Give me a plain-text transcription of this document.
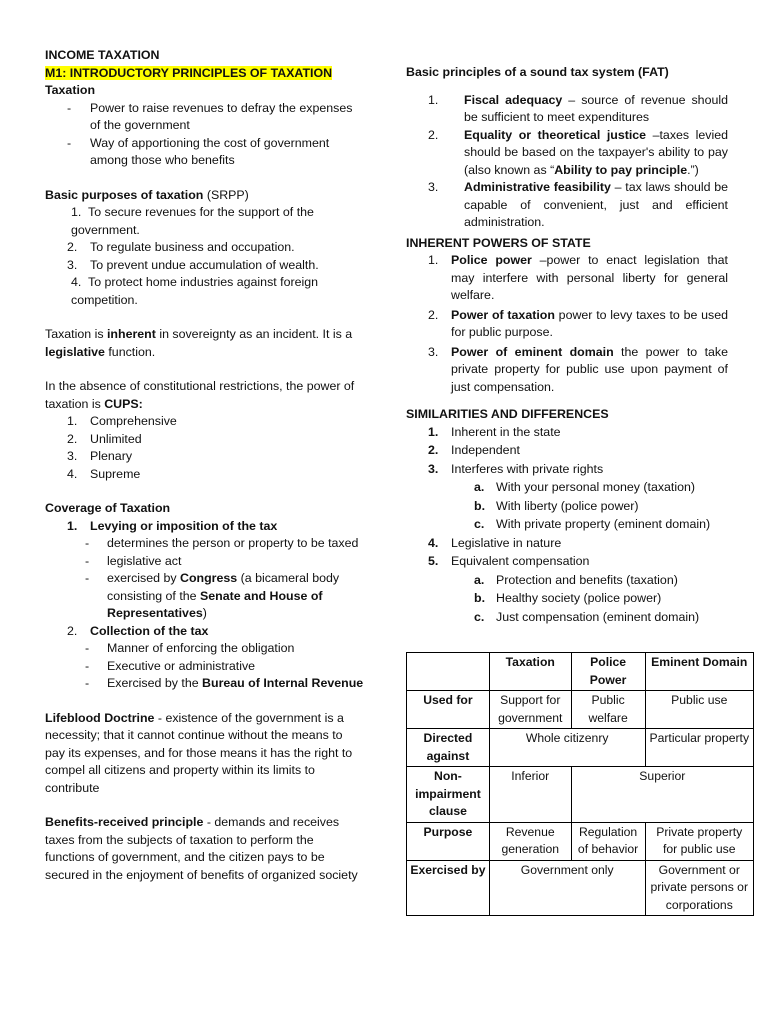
INCOME TAXATION

M1: INTRODUCTORY PRINCIPLES OF TAXATION

Taxation

- Power to raise revenues to defray the expenses of the government
- Way of apportioning the cost of government among those who benefits

Basic purposes of taxation (SRPP)

1.  To secure revenues for the support of the government.

2. To regulate business and occupation.

3. To prevent undue accumulation of wealth.

4.  To protect home industries against foreign competition.

Taxation is inherent in sovereignty as an incident. It is a legislative function.

In the absence of constitutional restrictions, the power of taxation is CUPS:

1. Comprehensive

2. Unlimited

3. Plenary

4. Supreme

Coverage of Taxation

1. Levying or imposition of the tax

- determines the person or property to be taxed
- legislative act
- exercised by Congress (a bicameral body consisting of the Senate and House of Representatives)

2. Collection of the tax

- Manner of enforcing the obligation
- Executive or administrative
- Exercised by the Bureau of Internal Revenue

Lifeblood Doctrine - existence of the government is a necessity; that it cannot continue without the means to pay its expenses, and for those means it has the right to compel all citizens and property within its limits to contribute

Benefits-received principle - demands and receives taxes from the subjects of taxation to perform the functions of government, and the citizen pays to be secured in the enjoyment of benefits of organized society

Basic principles of a sound tax system (FAT)

1. Fiscal adequacy – source of revenue should be sufficient to meet expenditures

2. Equality or theoretical justice –taxes levied should be based on the taxpayer's ability to pay (also known as “Ability to pay principle.”)

3. Administrative feasibility – tax laws should be capable of convenient, just and efficient administration.

INHERENT POWERS OF STATE

1. Police power –power to enact legislation that may interfere with personal liberty for general welfare.

2. Power of taxation power to levy taxes to be used for public purpose.

3. Power of eminent domain the power to take private property for public use upon payment of just compensation.

SIMILARITIES AND DIFFERENCES

1. Inherent in the state

2. Independent

3. Interferes with private rights

a. With your personal money (taxation)

b. With liberty (police power)

c. With private property (eminent domain)

4. Legislative in nature

5. Equivalent compensation

a. Protection and benefits (taxation)

b. Healthy society (police power)

c. Just compensation (eminent domain)

	Taxation	Police Power	Eminent Domain
Used for	Support for government	Public welfare	Public use
Directed against	Whole citizenry		Particular property
Non-impairment clause	Inferior	Superior	
Purpose	Revenue generation	Regulation of behavior	Private property for public use
Exercised by	Government only		Government or private persons or corporations
